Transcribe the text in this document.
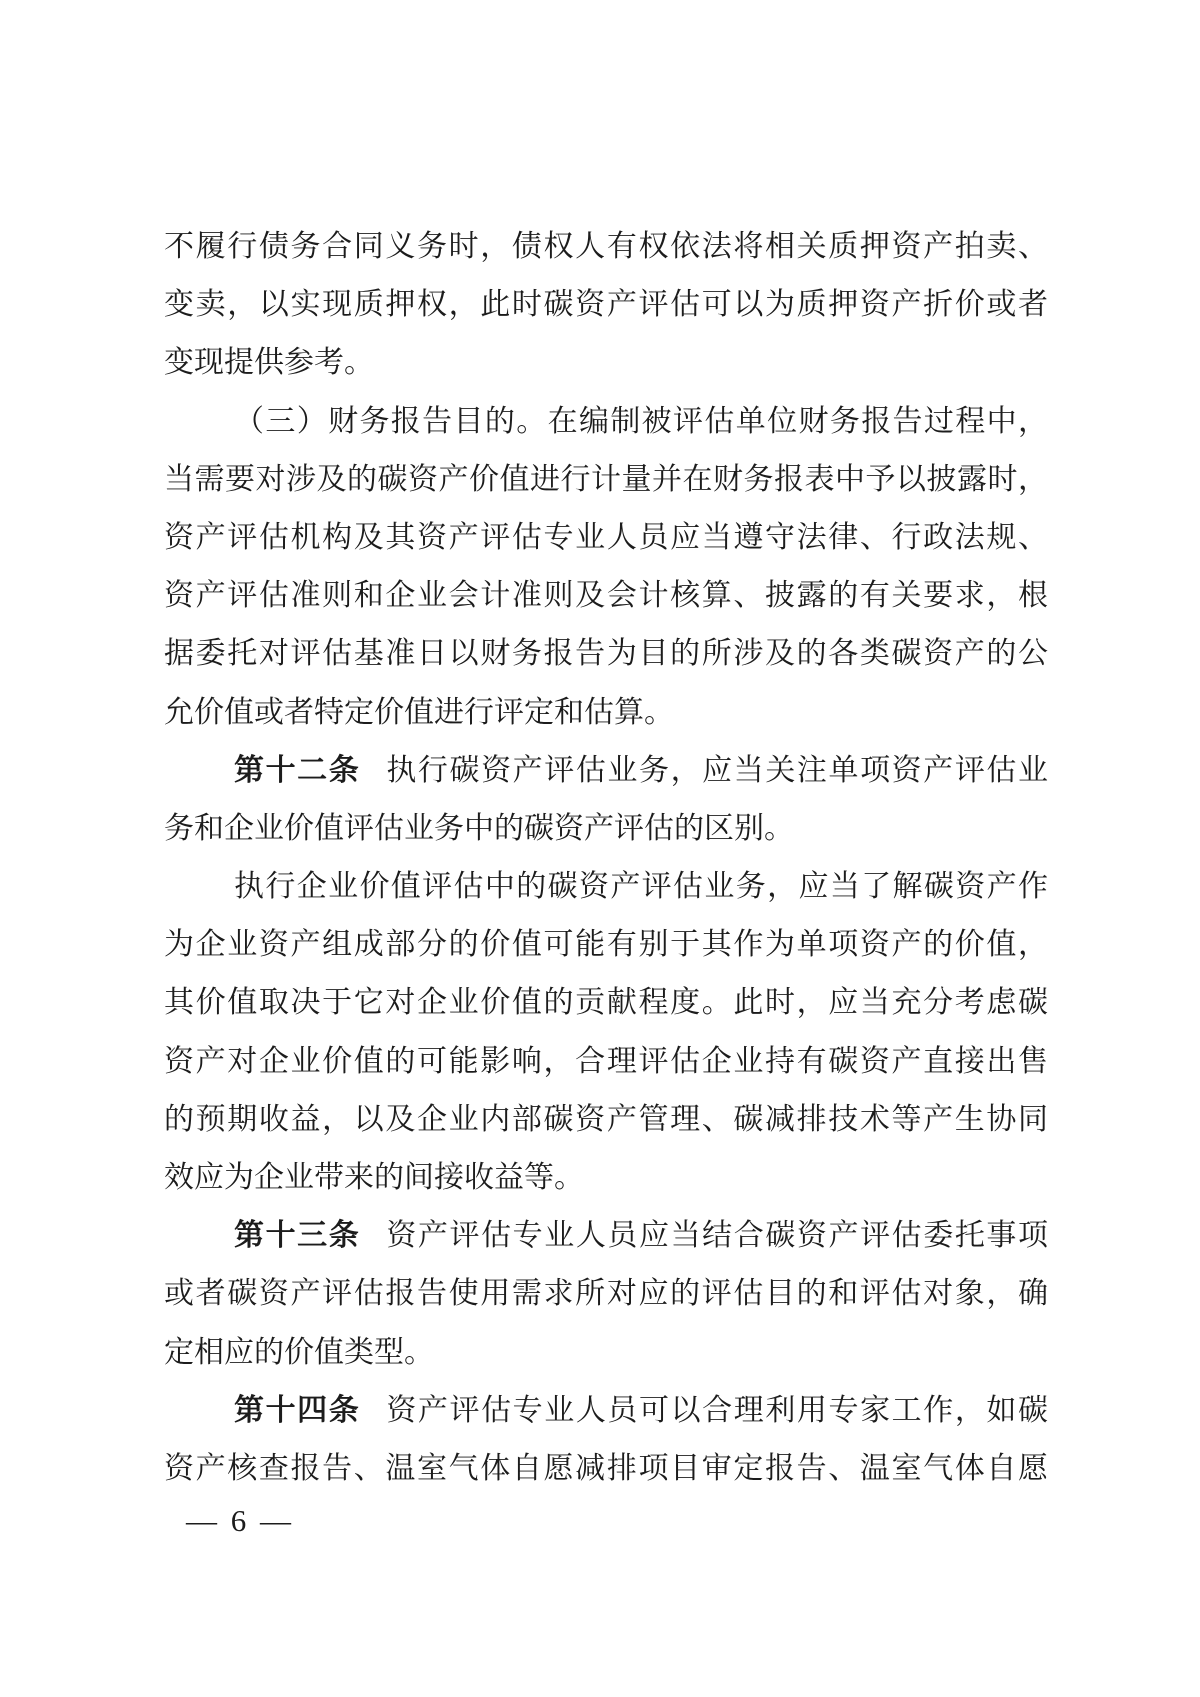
不履行债务合同义务时，债权人有权依法将相关质押资产拍卖、
变卖，以实现质押权，此时碳资产评估可以为质押资产折价或者
变现提供参考。
（三）财务报告目的。在编制被评估单位财务报告过程中，
当需要对涉及的碳资产价值进行计量并在财务报表中予以披露时，
资产评估机构及其资产评估专业人员应当遵守法律、行政法规、
资产评估准则和企业会计准则及会计核算、披露的有关要求，根
据委托对评估基准日以财务报告为目的所涉及的各类碳资产的公
允价值或者特定价值进行评定和估算。
第十二条 执行碳资产评估业务，应当关注单项资产评估业
务和企业价值评估业务中的碳资产评估的区别。
执行企业价值评估中的碳资产评估业务，应当了解碳资产作
为企业资产组成部分的价值可能有别于其作为单项资产的价值，
其价值取决于它对企业价值的贡献程度。此时，应当充分考虑碳
资产对企业价值的可能影响，合理评估企业持有碳资产直接出售
的预期收益，以及企业内部碳资产管理、碳减排技术等产生协同
效应为企业带来的间接收益等。
第十三条 资产评估专业人员应当结合碳资产评估委托事项
或者碳资产评估报告使用需求所对应的评估目的和评估对象，确
定相应的价值类型。
第十四条 资产评估专业人员可以合理利用专家工作，如碳
资产核查报告、温室气体自愿减排项目审定报告、温室气体自愿
— 6 —
